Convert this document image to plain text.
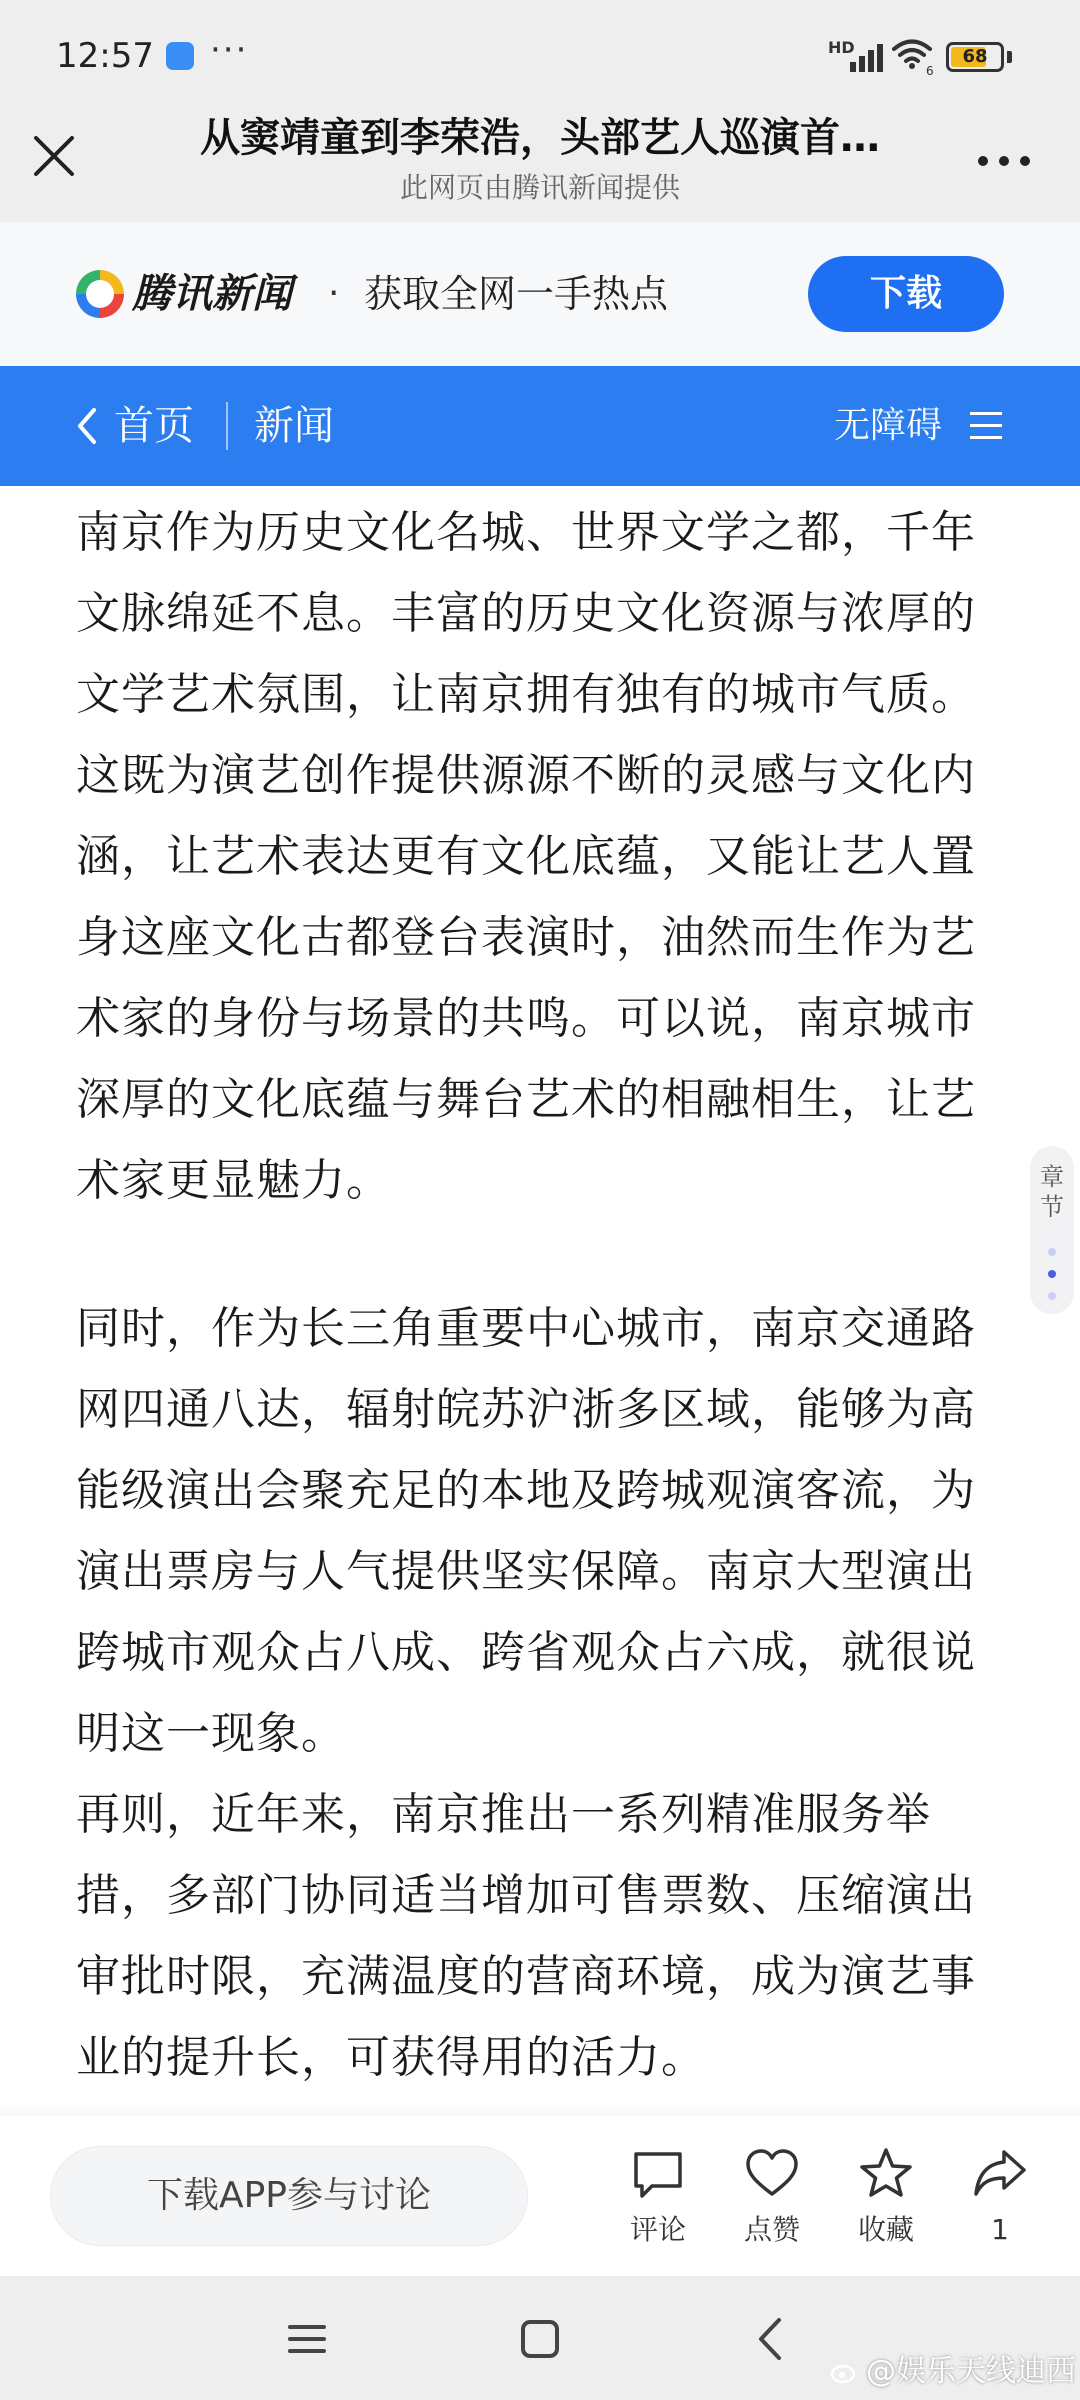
12:57 ···	HD
6
68
从窦靖童到李荣浩，头部艺人巡演首…
此网页由腾讯新闻提供
腾讯新闻 · 获取全网一手热点	下载
首页 新闻	无障碍

南京作为历史文化名城、世界文学之都，千年文脉绵延不息。丰富的历史文化资源与浓厚的文学艺术氛围，让南京拥有独有的城市气质。这既为演艺创作提供源源不断的灵感与文化内涵，让艺术表达更有文化底蕴，又能让艺人置身这座文化古都登台表演时，油然而生作为艺术家的身份与场景的共鸣。可以说，南京城市深厚的文化底蕴与舞台艺术的相融相生，让艺术家更显魅力。

同时，作为长三角重要中心城市，南京交通路网四通八达，辐射皖苏沪浙多区域，能够为高能级演出会聚充足的本地及跨城观演客流，为演出票房与人气提供坚实保障。南京大型演出跨城市观众占八成、跨省观众占六成，就很说明这一现象。

再则，近年来，南京推出一系列精准服务举措，多部门协同适当增加可售票数、压缩演出审批时限，充满温度的营商环境，成为演艺事业的提升长，可获得用的活力。

章节
下载APP参与讨论
评论	点赞	收藏	1
@娱乐天线迪西
